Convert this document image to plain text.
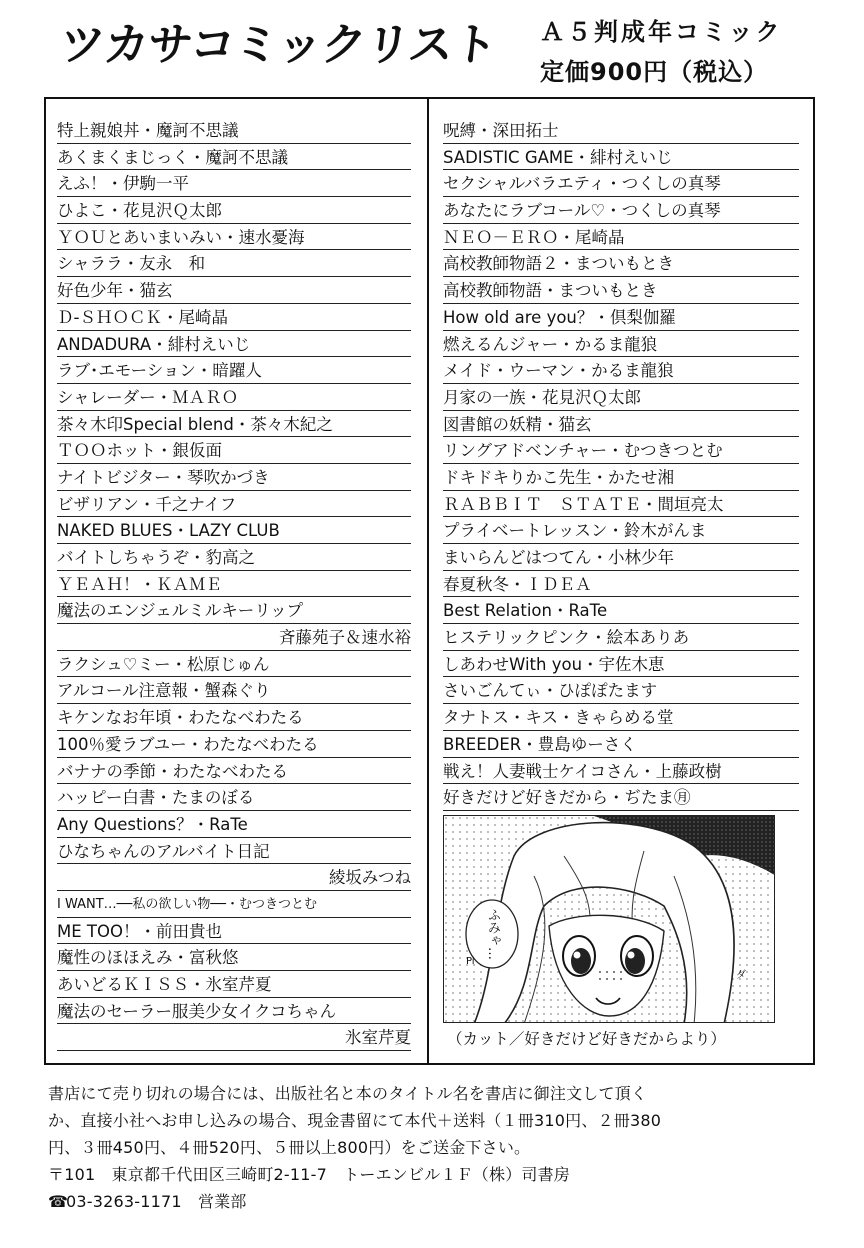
ツカサコミックリスト	Ａ５判成年コミック
定価900円（税込）
特上親娘丼・魔訶不思議
あくまくまじっく・魔訶不思議
えふ！・伊駒一平
ひよこ・花見沢Ｑ太郎
ＹＯＵとあいまいみい・速水憂海
シャララ・友永　和
好色少年・猫玄
Ｄ-ＳＨＯＣＫ・尾崎晶
ANDADURA・緋村えいじ
ラブ･エモーション・暗躍人
シャレーダー・ＭＡＲＯ
茶々木印Special blend・茶々木紀之
ＴＯＯホット・銀仮面
ナイトビジター・琴吹かづき
ビザリアン・千之ナイフ
NAKED BLUES・LAZY CLUB
バイトしちゃうぞ・豹高之
ＹＥＡＨ！・ＫＡＭＥ
魔法のエンジェルミルキーリップ
斉藤苑子＆速水裕
ラクシュ♡ミー・松原じゅん
アルコール注意報・蟹森ぐり
キケンなお年頃・わたなべわたる
100％愛ラブユー・わたなべわたる
バナナの季節・わたなべわたる
ハッピー白書・たまのぼる
Any Questions？・RaTe
ひなちゃんのアルバイト日記
綾坂みつね
I WANT…──私の欲しい物──・むつきつとむ
ME TOO！・前田貴也
魔性のほほえみ・富秋悠
あいどるＫＩＳＳ・氷室芹夏
魔法のセーラー服美少女イクコちゃん
氷室芹夏
呪縛・深田拓士
SADISTIC GAME・緋村えいじ
セクシャルバラエティ・つくしの真琴
あなたにラブコール♡・つくしの真琴
ＮＥＯ－ＥＲＯ・尾崎晶
高校教師物語２・まついもとき
高校教師物語・まついもとき
How old are you？・倶梨伽羅
燃えるんジャー・かるま龍狼
メイド・ウーマン・かるま龍狼
月家の一族・花見沢Ｑ太郎
図書館の妖精・猫玄
リングアドベンチャー・むつきつとむ
ドキドキりかこ先生・かたせ湘
ＲＡＢＢＩＴ　ＳＴＡＴＥ・間垣亮太
プライベートレッスン・鈴木がんま
まいらんどはつてん・小林少年
春夏秋冬・ＩＤＥＡ
Best Relation・RaTe
ヒステリックピンク・絵本ありあ
しあわせWith you・宇佐木恵
さいごんてぃ・ひぽぽたます
タナトス・キス・きゃらめる堂
BREEDER・豊島ゆーさく
戦え！人妻戦士ケイコさん・上藤政樹
好きだけど好きだから・ぢたま㊊
ふみゃ…
Pi
ダ
（カット／好きだけど好きだからより）
書店にて売り切れの場合には、出版社名と本のタイトル名を書店に御注文して頂く
か、直接小社へお申し込みの場合、現金書留にて本代＋送料（１冊310円、２冊380
円、３冊450円、４冊520円、５冊以上800円）をご送金下さい。
〒101　東京都千代田区三崎町2-11-7　トーエンビル１Ｆ（株）司書房
☎03-3263-1171　営業部
